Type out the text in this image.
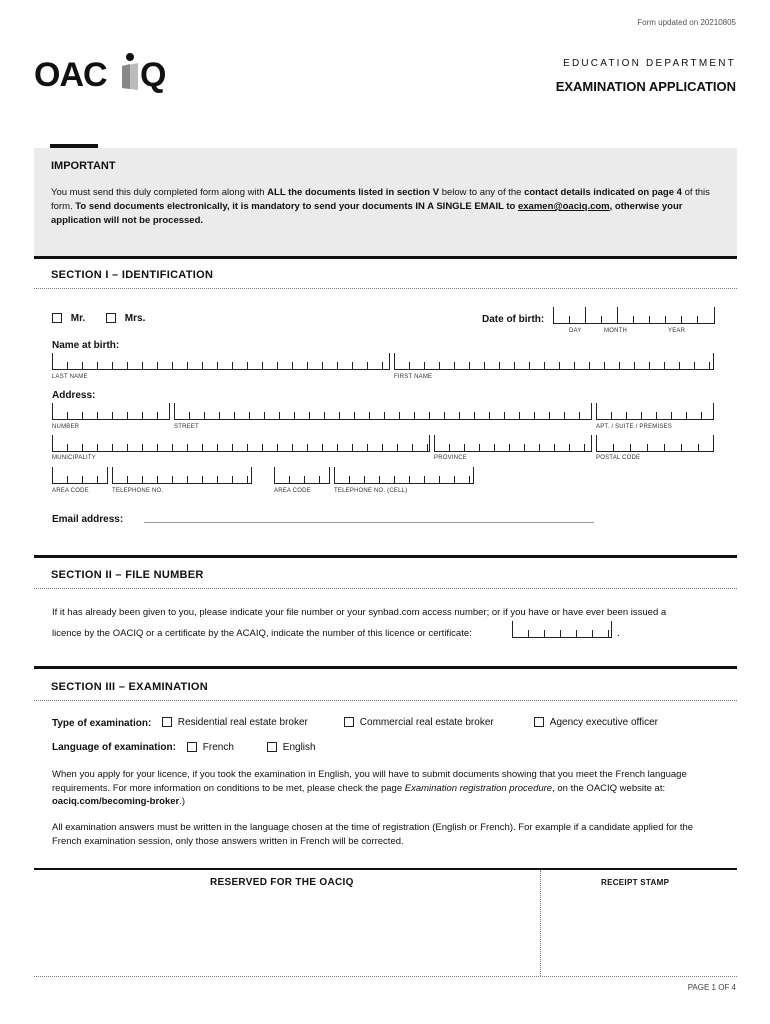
Form updated on 20210805
OAC Q	EDUCATION DEPARTMENT
EXAMINATION APPLICATION
IMPORTANT
You must send this duly completed form along with ALL the documents listed in section V below to any of the contact details indicated on page 4 of this form. To send documents electronically, it is mandatory to send your documents IN A SINGLE EMAIL to examen@oaciq.com, otherwise your application will not be processed.
SECTION I – IDENTIFICATION
Mr.	Mrs.	Date of birth:
DAY	MONTH	YEAR
Name at birth:
LAST NAME	FIRST NAME
Address:
NUMBER	STREET	APT. / SUITE / PREMISES
MUNICIPALITY	PROVINCE	POSTAL CODE
AREA CODE	TELEPHONE NO.	AREA CODE	TELEPHONE NO. (CELL)
Email address:
SECTION II – FILE NUMBER
If it has already been given to you, please indicate your file number or your synbad.com access number; or if you have or have ever been issued a
licence by the OACIQ or a certificate by the ACAIQ, indicate the number of this licence or certificate:	.
SECTION III – EXAMINATION
Type of examination:	Residential real estate broker	Commercial real estate broker	Agency executive officer
Language of examination:	French	English
When you apply for your licence, if you took the examination in English, you will have to submit documents showing that you meet the French language requirements. For more information on conditions to be met, please check the page Examination registration procedure, on the OACIQ website at: oaciq.com/becoming-broker.)
All examination answers must be written in the language chosen at the time of registration (English or French). For example if a candidate applied for the French examination session, only those answers written in French will be corrected.
RESERVED FOR THE OACIQ	RECEIPT STAMP
PAGE 1 OF 4
